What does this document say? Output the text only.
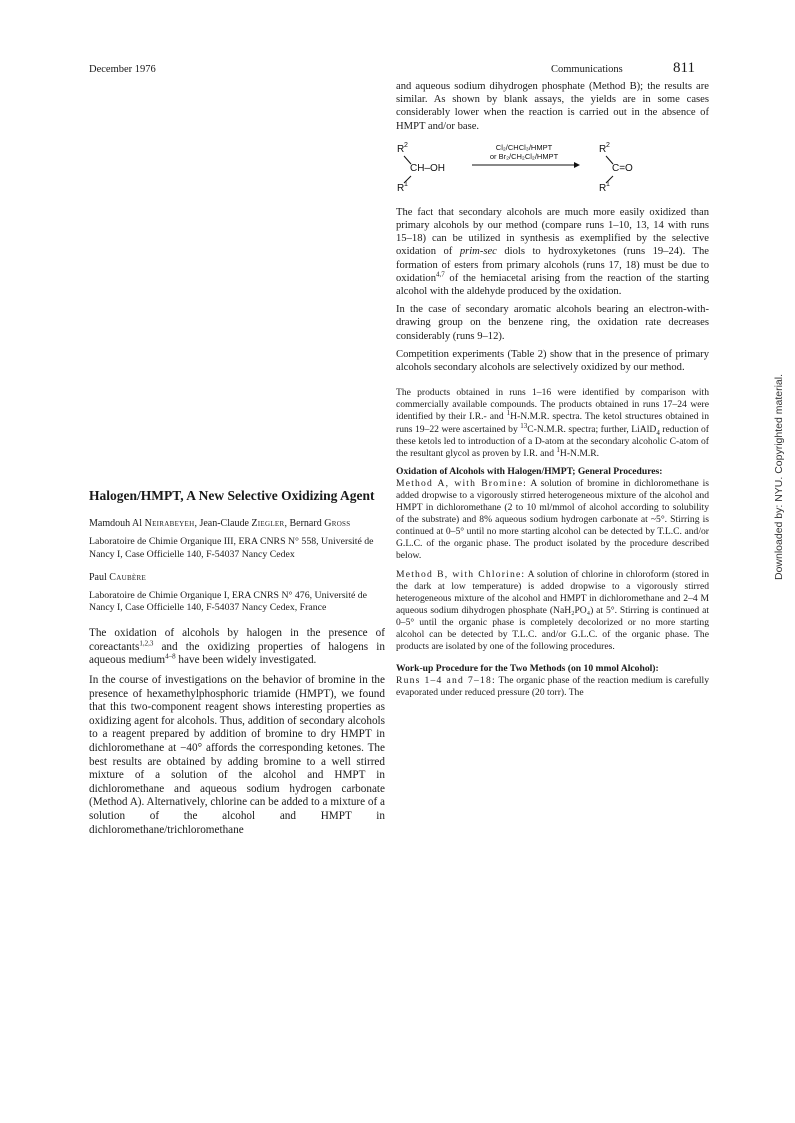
December 1976	Communications	811
Downloaded by: NYU. Copyrighted material.

and aqueous sodium dihydrogen phosphate (Method B); the results are similar. As shown by blank assays, the yields are in some cases considerably lower when the reaction is carried out in the absence of HMPT and/or base.

R 2
CH–OH
R 1
Cl₂/CHCl₃/HMPT
or Br₂/CH₂Cl₂/HMPT
R 2
C=O
R 1

The fact that secondary alcohols are much more easily oxidized than primary alcohols by our method (compare runs 1–10, 13, 14 with runs 15–18) can be utilized in synthesis as exemplified by the selective oxidation of prim-sec diols to hydroxyketones (runs 19–24). The formation of esters from primary alcohols (runs 17, 18) must be due to oxidation$^{4,7}$ of the hemiacetal arising from the reaction of the starting alcohol with the aldehyde produced by the oxidation.

In the case of secondary aromatic alcohols bearing an electron-with-drawing group on the benzene ring, the oxidation rate decreases considerably (runs 9–12).

Competition experiments (Table 2) show that in the presence of primary alcohols secondary alcohols are selectively oxidized by our method.

The products obtained in runs 1–16 were identified by comparison with commercially available compounds. The products obtained in runs 17–24 were identified by their I.R.- and $^1$H-N.M.R. spectra. The ketol structures obtained in runs 19–22 were ascertained by $^{13}$C-N.M.R. spectra; further, LiAlD$_4$ reduction of these ketols led to introduction of a D-atom at the secondary alcoholic C-atom of the resultant glycol as proven by I.R. and $^1$H-N.M.R.

Oxidation of Alcohols with Halogen/HMPT; General Procedures:
Method A, with Bromine: A solution of bromine in dichloromethane is added dropwise to a vigorously stirred heterogeneous mixture of the alcohol and HMPT in dichloromethane (2 to 10 ml/mmol of alcohol according to solubility of the substrate) and 8% aqueous sodium hydrogen carbonate at ~5°. Stirring is continued at 0–5° until no more starting alcohol can be detected by T.L.C. and/or G.L.C. of the organic phase. The product isolated by the procedure described below.

Method B, with Chlorine: A solution of chlorine in chloroform (stored in the dark at low temperature) is added dropwise to a vigorously stirred heterogeneous mixture of the alcohol and HMPT in dichloromethane and 2–4 M aqueous sodium dihydrogen phosphate (NaH₂PO₄) at 5°. Stirring is continued at 0–5° until the organic phase is completely decolorized or no more starting alcohol can be detected by T.L.C. and/or G.L.C. of the organic phase. The products are isolated by one of the following procedures.

Work-up Procedure for the Two Methods (on 10 mmol Alcohol):
Runs 1–4 and 7–18: The organic phase of the reaction medium is carefully evaporated under reduced pressure (20 torr). The

Halogen/HMPT, A New Selective Oxidizing Agent

Mamdouh Al Neirabeyeh, Jean-Claude Ziegler, Bernard Gross

Laboratoire de Chimie Organique III, ERA CNRS N° 558, Université de Nancy I, Case Officielle 140, F-54037 Nancy Cedex

Paul Caubère

Laboratoire de Chimie Organique I, ERA CNRS N° 476, Université de Nancy I, Case Officielle 140, F-54037 Nancy Cedex, France

The oxidation of alcohols by halogen in the presence of coreactants$^{1,2,3}$ and the oxidizing properties of halogens in aqueous medium$^{4-8}$ have been widely investigated.

In the course of investigations on the behavior of bromine in the presence of hexamethylphosphoric triamide (HMPT), we found that this two-component reagent shows interesting properties as oxidizing agent for alcohols. Thus, addition of secondary alcohols to a reagent prepared by addition of bromine to dry HMPT in dichloromethane at −40° affords the corresponding ketones. The best results are obtained by adding bromine to a well stirred mixture of a solution of the alcohol and HMPT in dichloromethane and aqueous sodium hydrogen carbonate (Method A). Alternatively, chlorine can be added to a mixture of a solution of the alcohol and HMPT in dichloromethane/trichloromethane
